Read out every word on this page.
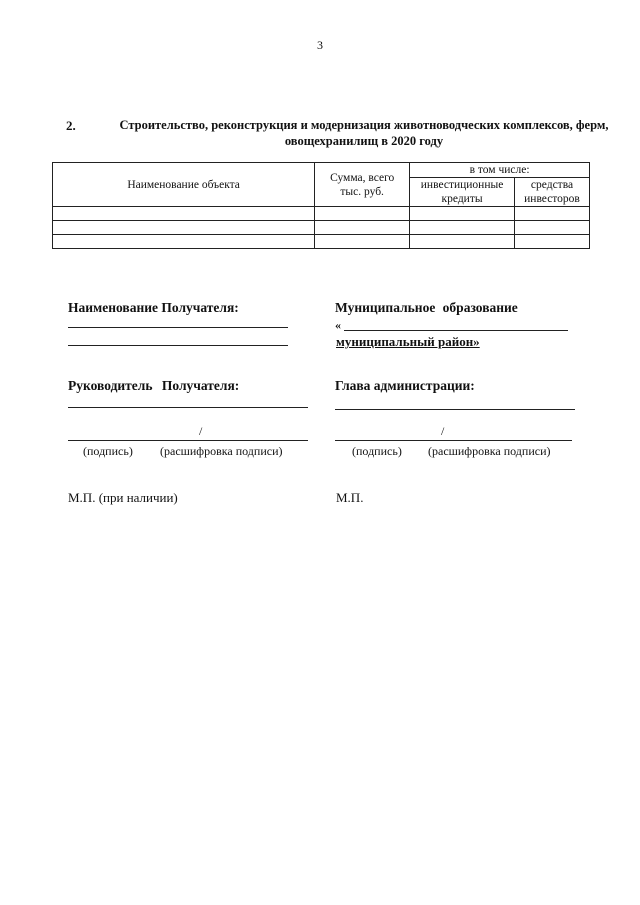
3
2.	Строительство, реконструкция и модернизация животноводческих комплексов, ферм, овощехранилищ в 2020 году
Наименование объекта	Сумма, всего тыс. руб.	в том числе:	
		инвестиционные кредиты	средства инвесторов

Наименование Получателя:
Руководитель Получателя:
/
(подпись) (расшифровка подписи)
М.П. (при наличии)
Муниципальное образование
«
муниципальный район»
Глава администрации:
/
(подпись) (расшифровка подписи)
М.П.
